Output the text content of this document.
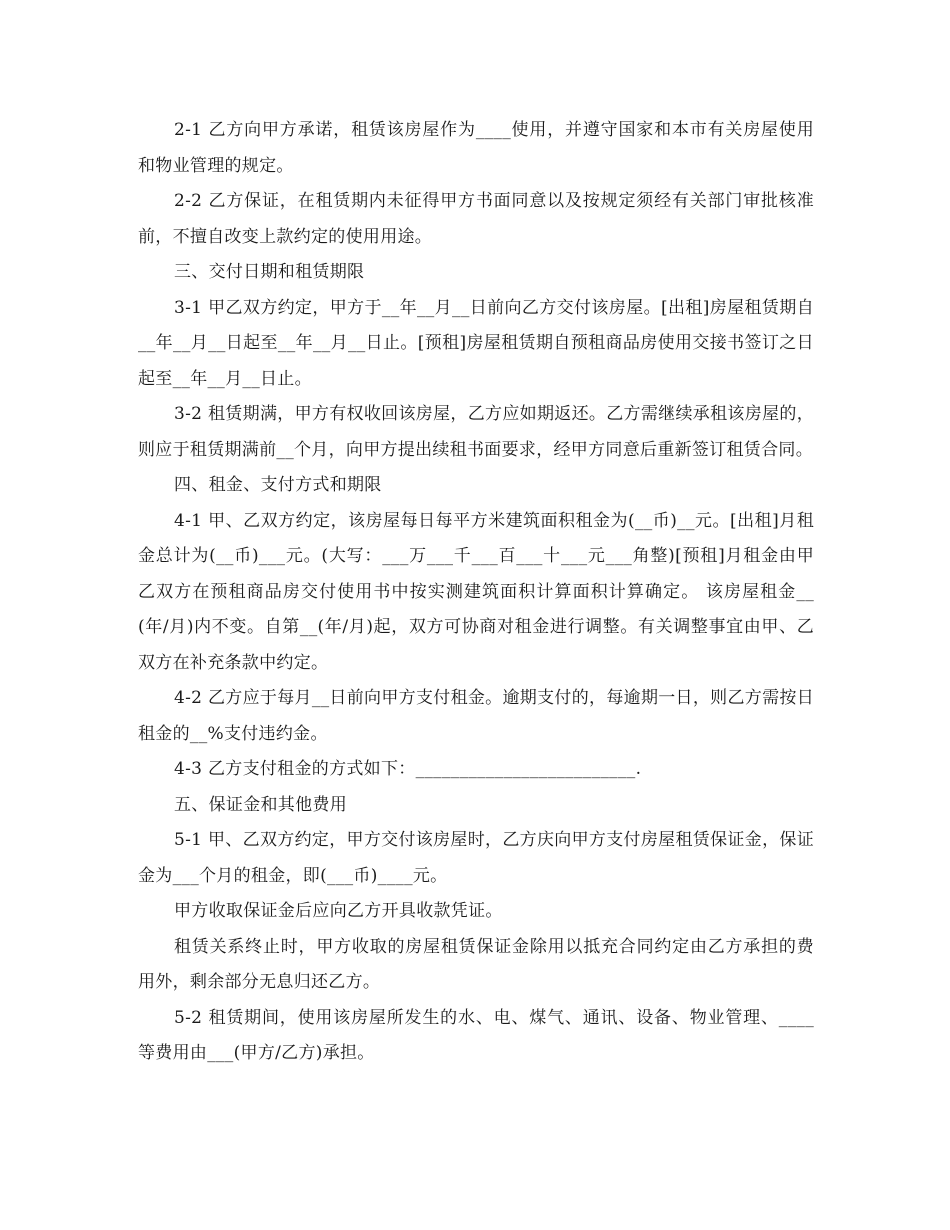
2-1 乙方向甲方承诺，租赁该房屋作为____使用，并遵守国家和本市有关房屋使用和物业管理的规定。

2-2 乙方保证，在租赁期内未征得甲方书面同意以及按规定须经有关部门审批核准前，不擅自改变上款约定的使用用途。

三、交付日期和租赁期限

3-1 甲乙双方约定，甲方于__年__月__日前向乙方交付该房屋。[出租]房屋租赁期自__年__月__日起至__年__月__日止。[预租]房屋租赁期自预租商品房使用交接书签订之日起至__年__月__日止。

3-2 租赁期满，甲方有权收回该房屋，乙方应如期返还。乙方需继续承租该房屋的，则应于租赁期满前__个月，向甲方提出续租书面要求，经甲方同意后重新签订租赁合同。

四、租金、支付方式和期限

4-1 甲、乙双方约定，该房屋每日每平方米建筑面积租金为(__币)__元。[出租]月租金总计为(__币)___元。(大写：___万___千___百___十___元___角整)[预租]月租金由甲乙双方在预租商品房交付使用书中按实测建筑面积计算面积计算确定。 该房屋租金__(年/月)内不变。自第__(年/月)起，双方可协商对租金进行调整。有关调整事宜由甲、乙双方在补充条款中约定。

4-2 乙方应于每月__日前向甲方支付租金。逾期支付的，每逾期一日，则乙方需按日租金的__%支付违约金。

4-3 乙方支付租金的方式如下：_________________________.

五、保证金和其他费用

5-1 甲、乙双方约定，甲方交付该房屋时，乙方庆向甲方支付房屋租赁保证金，保证金为___个月的租金，即(___币)____元。

甲方收取保证金后应向乙方开具收款凭证。

租赁关系终止时，甲方收取的房屋租赁保证金除用以抵充合同约定由乙方承担的费用外，剩余部分无息归还乙方。

5-2 租赁期间，使用该房屋所发生的水、电、煤气、通讯、设备、物业管理、____等费用由___(甲方/乙方)承担。
